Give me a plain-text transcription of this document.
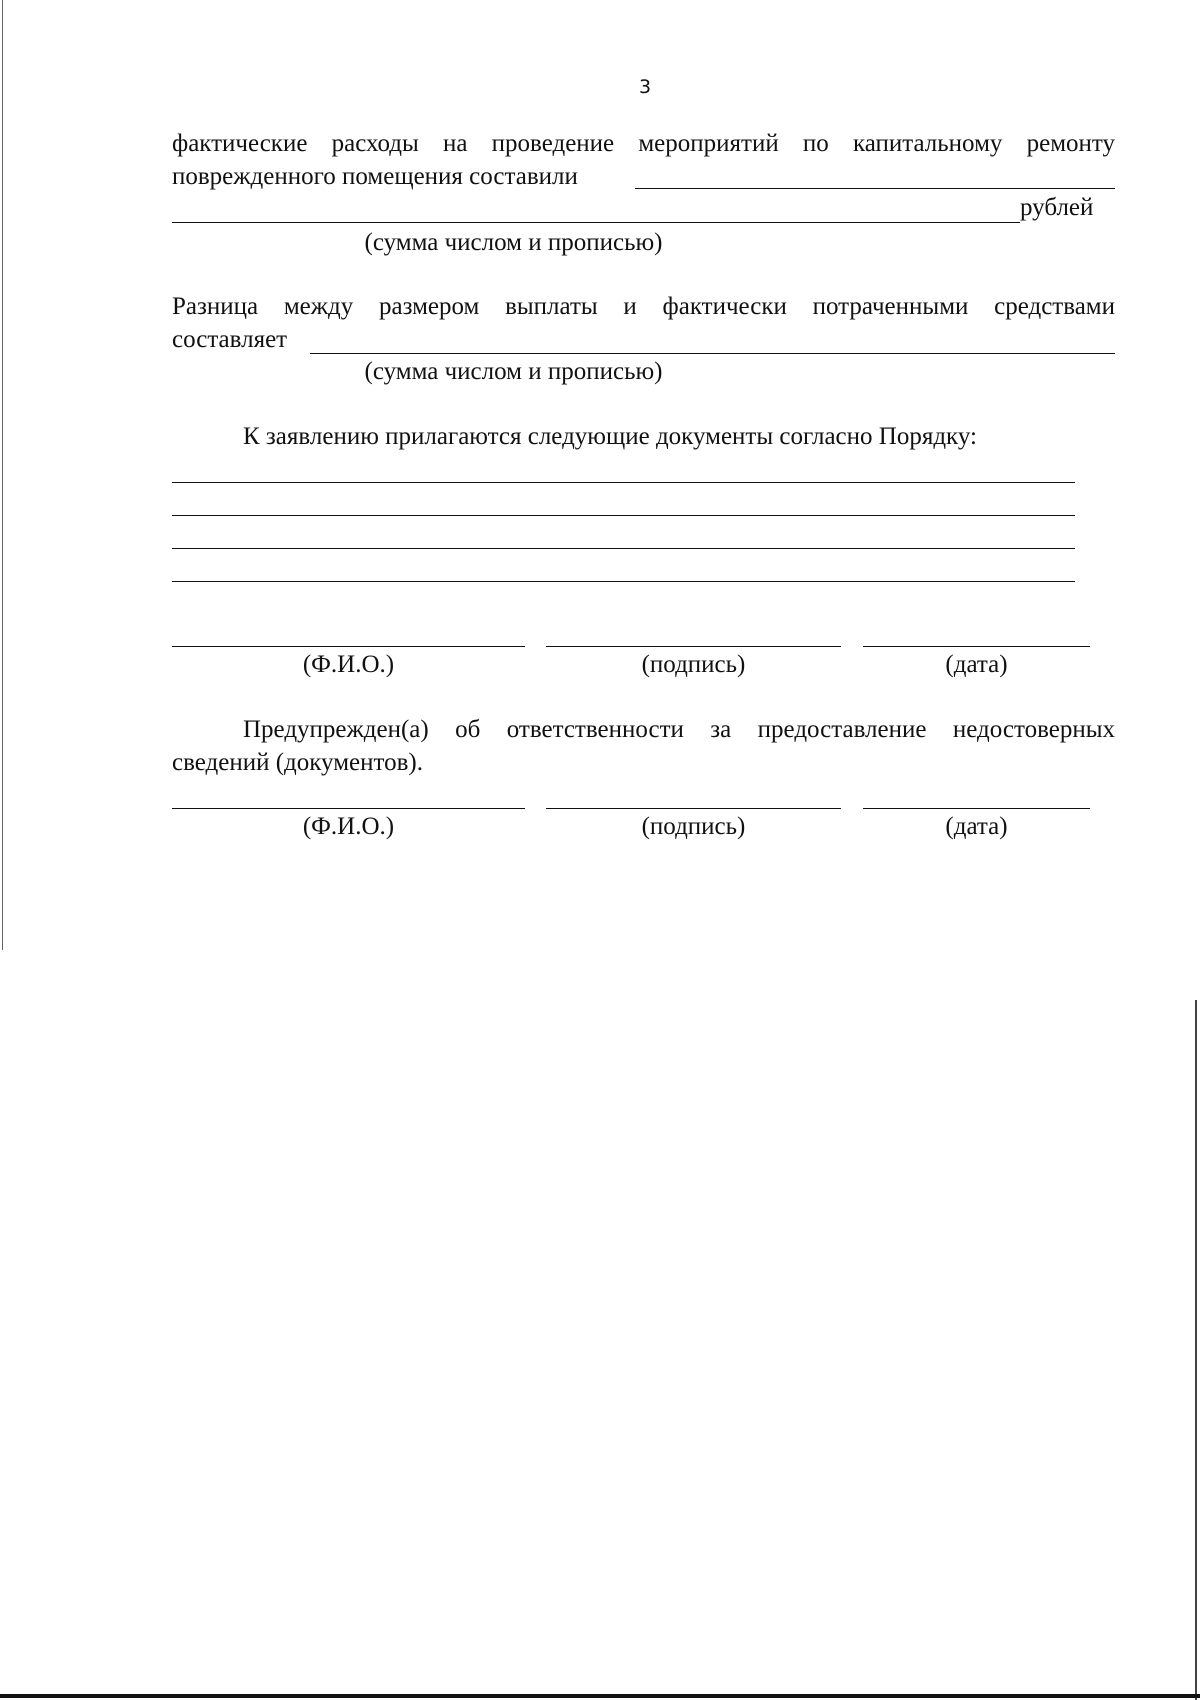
3
фактические расходы на проведение мероприятий по капитальному ремонту
поврежденного помещения составили
рублей
(сумма числом и прописью)
Разница между размером выплаты и фактически потраченными средствами
составляет
(сумма числом и прописью)
К заявлению прилагаются следующие документы согласно Порядку:
(Ф.И.О.)	(подпись)	(дата)
Предупрежден(а) об ответственности за предоставление недостоверных
сведений (документов).
(Ф.И.О.)	(подпись)	(дата)
